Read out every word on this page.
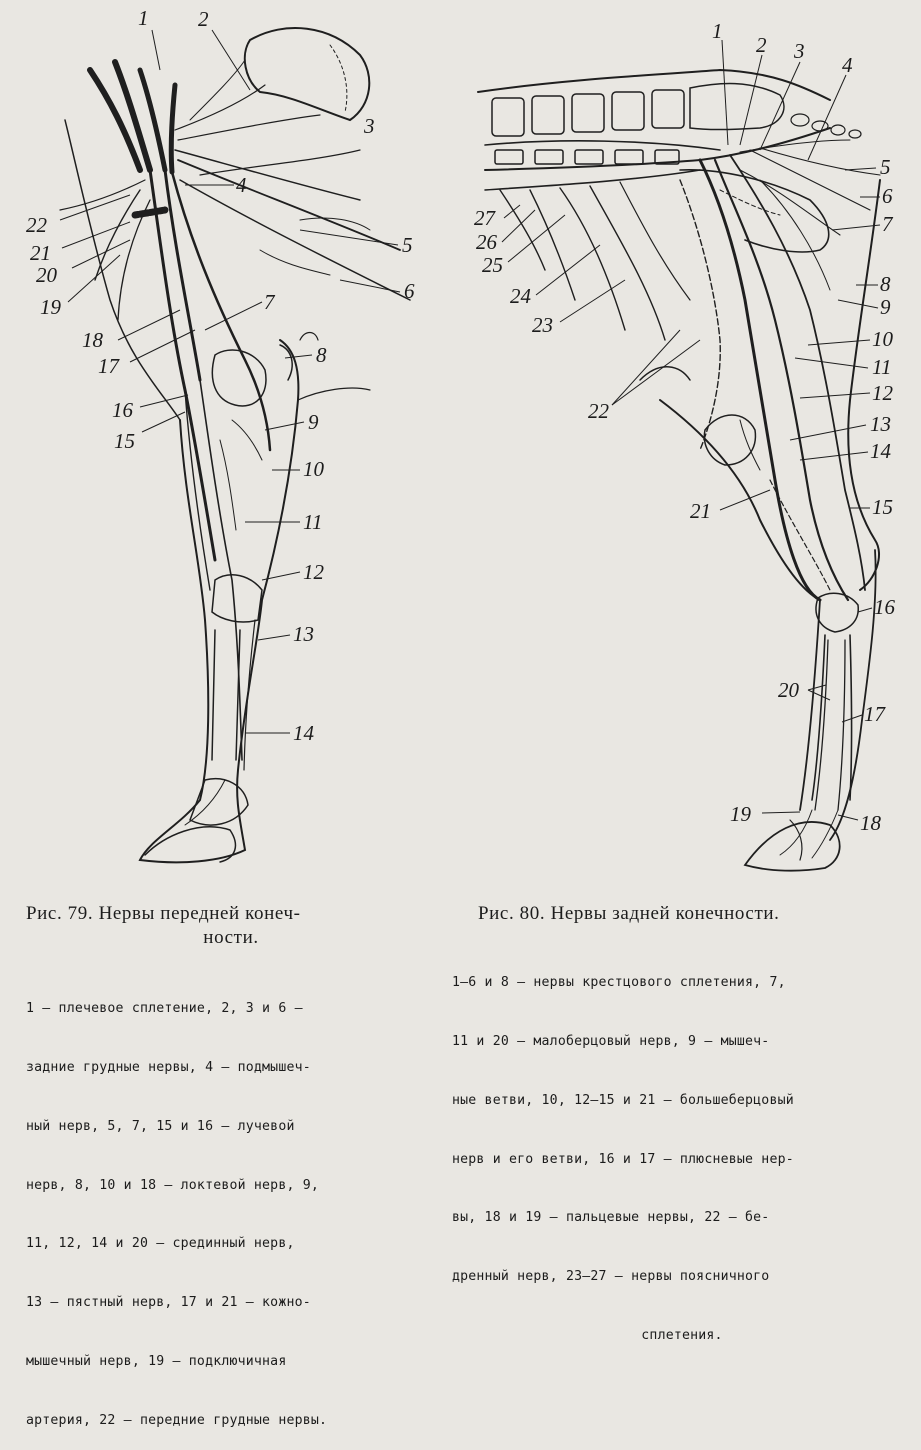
1 2
3
4
5
6
7
8
9
10
11
12
13
14
15
16
17
18
19
20
21
22
1
2 3
4
5
6
7
8
9
10
11
12
13
14
15
16
17
18
19
20
21
22
23
24
25
26
27
Рис. 79. Нервы передней конеч-
ности.

1 — плечевое сплетение, 2, 3 и 6 —

задние грудные нервы, 4 — подмышеч-

ный нерв, 5, 7, 15 и 16 — лучевой

нерв, 8, 10 и 18 — локтевой нерв, 9,

11, 12, 14 и 20 — срединный нерв,

13 — пястный нерв, 17 и 21 — кожно-

мышечный нерв, 19 — подключичная

артерия, 22 — передние грудные нервы.

Рис. 80. Нервы задней конечности.

1—6 и 8 — нервы крестцового сплетения, 7,

11 и 20 — малоберцовый нерв, 9 — мышеч-

ные ветви, 10, 12—15 и 21 — большеберцовый

нерв и его ветви, 16 и 17 — плюсневые нер-

вы, 18 и 19 — пальцевые нервы, 22 — бе-

дренный нерв, 23—27 — нервы поясничного

сплетения.
